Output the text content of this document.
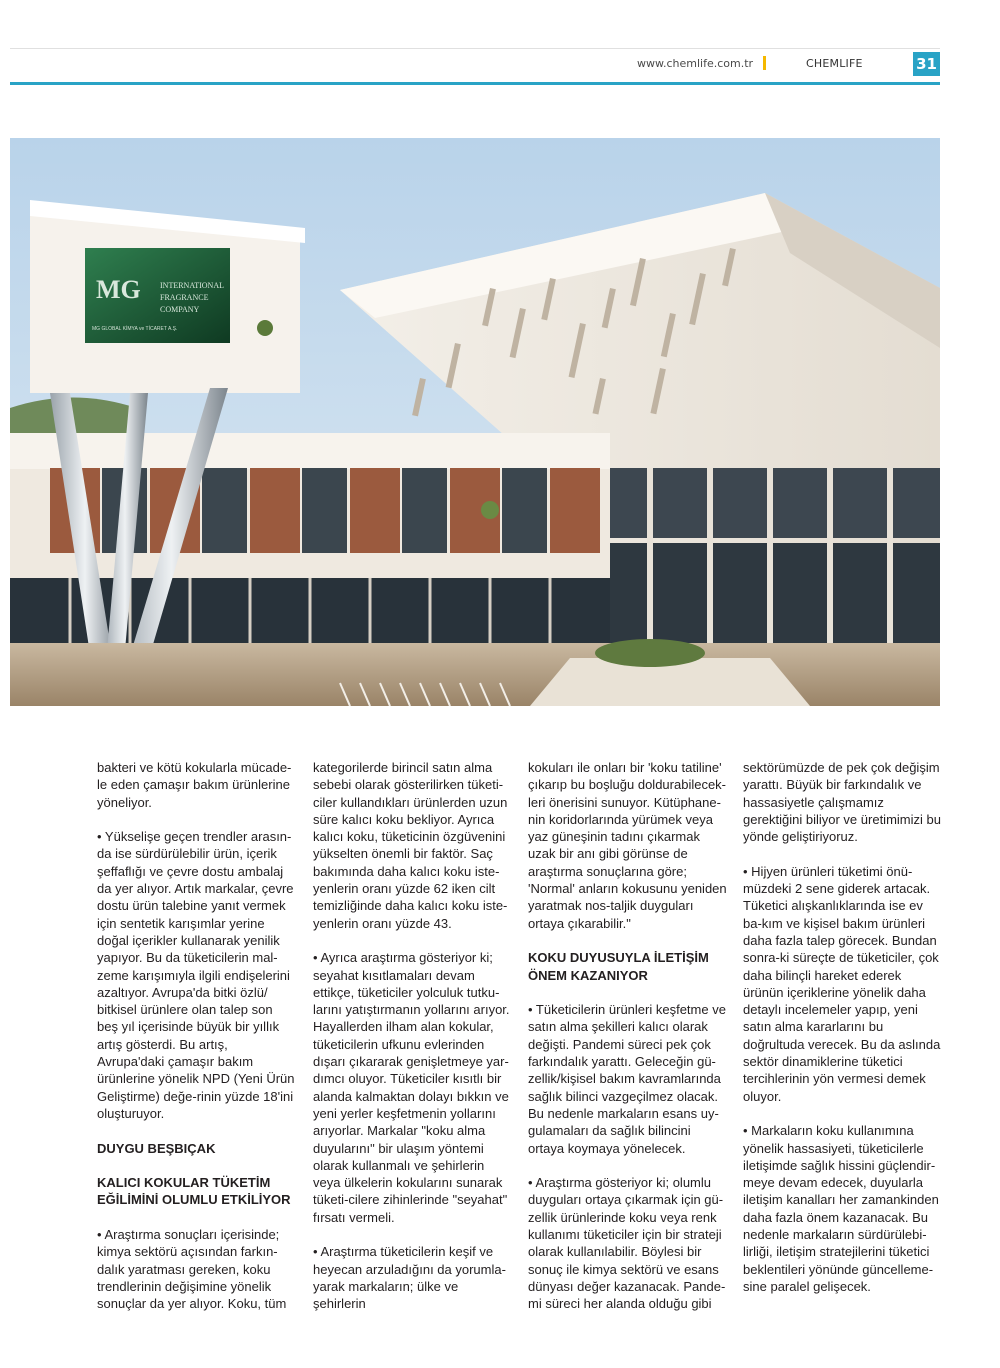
www.chemlife.com.tr	CHEMLIFE	31
MG INTERNATIONAL
FRAGRANCE
COMPANY
MG GLOBAL KİMYA ve TİCARET A.Ş.

bakteri ve kötü kokularla mücade-le eden çamaşır bakım ürünlerine yöneliyor.

• Yükselişe geçen trendler arasın-da ise sürdürülebilir ürün, içerik şeffaflığı ve çevre dostu ambalaj da yer alıyor. Artık markalar, çevre dostu ürün talebine yanıt vermek için sentetik karışımlar yerine doğal içerikler kullanarak yenilik yapıyor. Bu da tüketicilerin mal-zeme karışımıyla ilgili endişelerini azaltıyor. Avrupa'da bitki özlü/ bitkisel ürünlere olan talep son beş yıl içerisinde büyük bir yıllık artış gösterdi. Bu artış, Avrupa'daki çamaşır bakım ürünlerine yönelik NPD (Yeni Ürün Geliştirme) değe-rinin yüzde 18'ini oluşturuyor.

DUYGU BEŞBIÇAK
KALICI KOKULAR TÜKETİM EĞİLİMİNİ OLUMLU ETKİLİYOR

• Araştırma sonuçları içerisinde; kimya sektörü açısından farkın-dalık yaratması gereken, koku trendlerinin değişimine yönelik sonuçlar da yer alıyor. Koku, tüm

kategorilerde birincil satın alma sebebi olarak gösterilirken tüketi-ciler kullandıkları ürünlerden uzun süre kalıcı koku bekliyor. Ayrıca kalıcı koku, tüketicinin özgüvenini yükselten önemli bir faktör. Saç bakımında daha kalıcı koku iste-yenlerin oranı yüzde 62 iken cilt temizliğinde daha kalıcı koku iste-yenlerin oranı yüzde 43.

• Ayrıca araştırma gösteriyor ki; seyahat kısıtlamaları devam ettikçe, tüketiciler yolculuk tutku-larını yatıştırmanın yollarını arıyor. Hayallerden ilham alan kokular, tüketicilerin ufkunu evlerinden dışarı çıkararak genişletmeye yar-dımcı oluyor. Tüketiciler kısıtlı bir alanda kalmaktan dolayı bıkkın ve yeni yerler keşfetmenin yollarını arıyorlar. Markalar "koku alma duyularını" bir ulaşım yöntemi olarak kullanmalı ve şehirlerin veya ülkelerin kokularını sunarak tüketi-cilere zihinlerinde "seyahat" fırsatı vermeli.

• Araştırma tüketicilerin keşif ve heyecan arzuladığını da yorumla-yarak markaların; ülke ve şehirlerin

kokuları ile onları bir 'koku tatiline' çıkarıp bu boşluğu doldurabilecek-leri önerisini sunuyor. Kütüphane-nin koridorlarında yürümek veya yaz güneşinin tadını çıkarmak uzak bir anı gibi görünse de araştırma sonuçlarına göre; 'Normal' anların kokusunu yeniden yaratmak nos-taljik duyguları ortaya çıkarabilir."

KOKU DUYUSUYLA İLETİŞİM ÖNEM KAZANIYOR

• Tüketicilerin ürünleri keşfetme ve satın alma şekilleri kalıcı olarak değişti. Pandemi süreci pek çok farkındalık yarattı. Geleceğin gü-zellik/kişisel bakım kavramlarında sağlık bilinci vazgeçilmez olacak. Bu nedenle markaların esans uy-gulamaları da sağlık bilincini ortaya koymaya yönelecek.

• Araştırma gösteriyor ki; olumlu duyguları ortaya çıkarmak için gü-zellik ürünlerinde koku veya renk kullanımı tüketiciler için bir strateji olarak kullanılabilir. Böylesi bir sonuç ile kimya sektörü ve esans dünyası değer kazanacak. Pande-mi süreci her alanda olduğu gibi

sektörümüzde de pek çok değişim yarattı. Büyük bir farkındalık ve hassasiyetle çalışmamız gerektiğini biliyor ve üretimimizi bu yönde geliştiriyoruz.

• Hijyen ürünleri tüketimi önü-müzdeki 2 sene giderek artacak. Tüketici alışkanlıklarında ise ev ba-kım ve kişisel bakım ürünleri daha fazla talep görecek. Bundan sonra-ki süreçte de tüketiciler, çok daha bilinçli hareket ederek ürünün içeriklerine yönelik daha detaylı incelemeler yapıp, yeni satın alma kararlarını bu doğrultuda verecek. Bu da aslında sektör dinamiklerine tüketici tercihlerinin yön vermesi demek oluyor.

• Markaların koku kullanımına yönelik hassasiyeti, tüketicilerle iletişimde sağlık hissini güçlendir-meye devam edecek, duyularla iletişim kanalları her zamankinden daha fazla önem kazanacak. Bu nedenle markaların sürdürülebi-lirliği, iletişim stratejilerini tüketici beklentileri yönünde güncelleme-sine paralel gelişecek.
